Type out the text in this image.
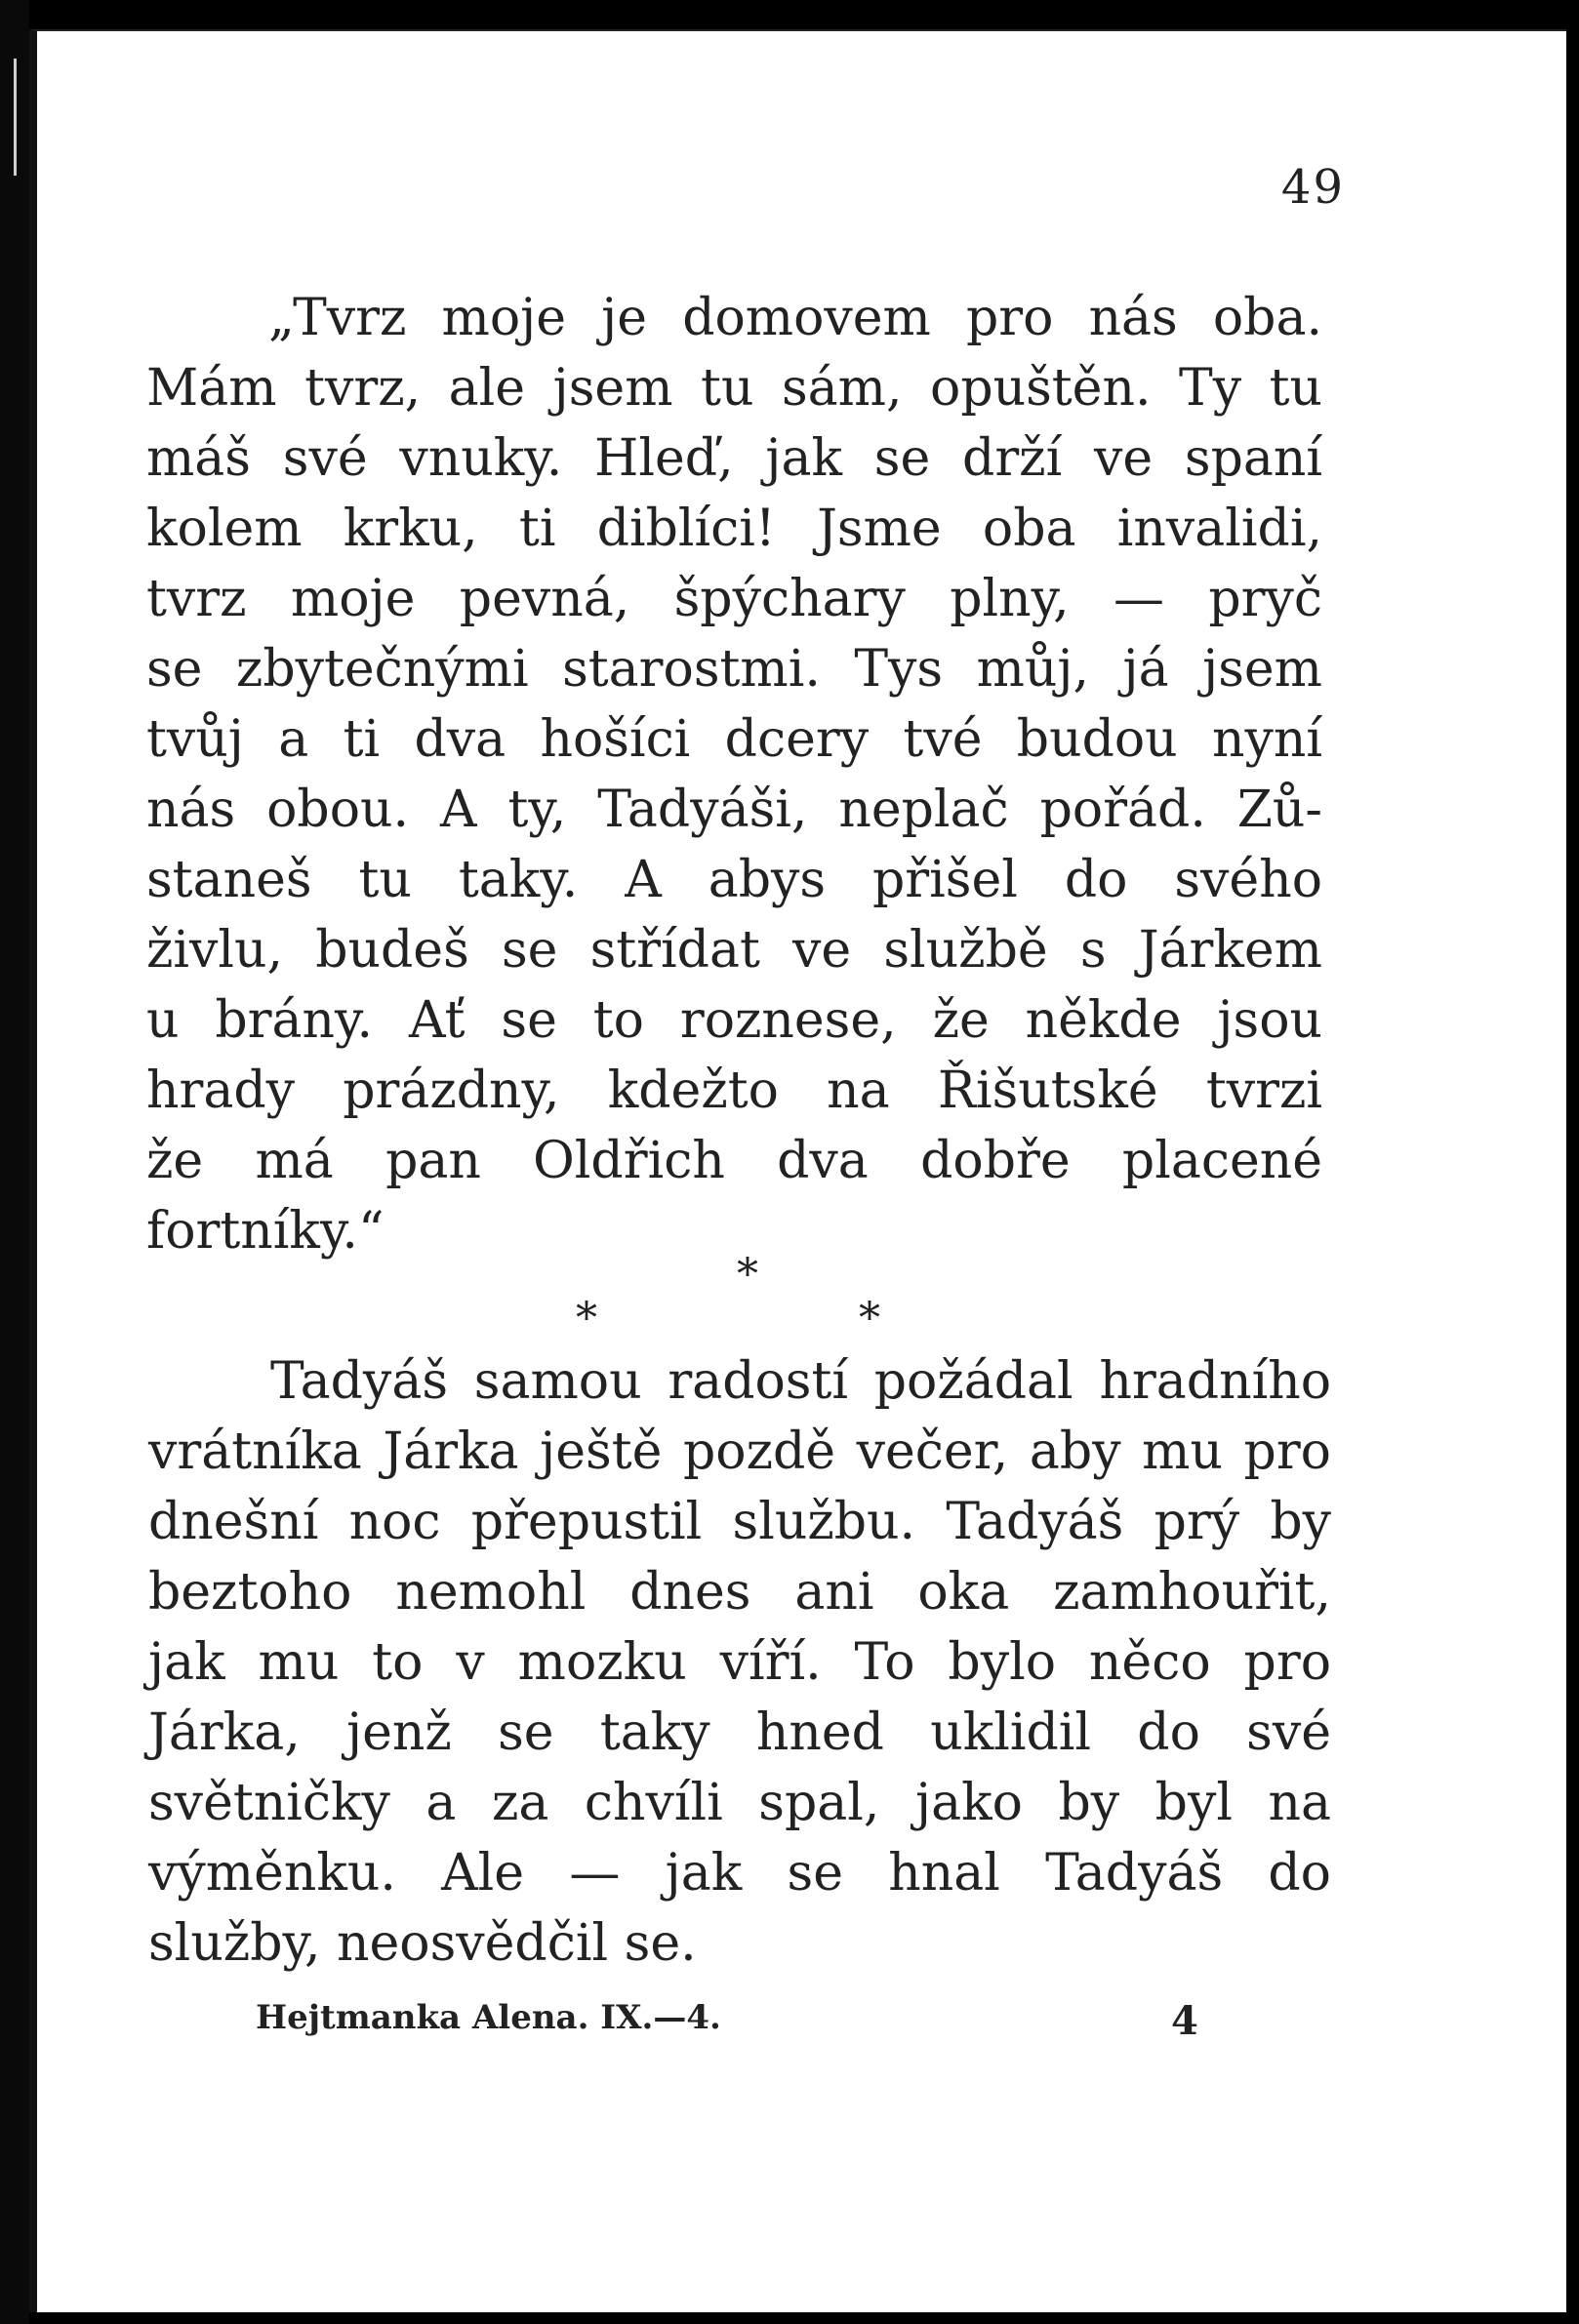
49
„Tvrz moje je domovem pro nás oba.
Mám tvrz, ale jsem tu sám, opuštěn. Ty tu
máš své vnuky. Hleď, jak se drží ve spaní
kolem krku, ti diblíci! Jsme oba invalidi,
tvrz moje pevná, špýchary plny, — pryč
se zbytečnými starostmi. Tys můj, já jsem
tvůj a ti dva hošíci dcery tvé budou nyní
nás obou. A ty, Tadyáši, neplač pořád. Zů-
staneš tu taky. A abys přišel do svého
živlu, budeš se střídat ve službě s Járkem
u brány. Ať se to roznese, že někde jsou
hrady prázdny, kdežto na Řišutské tvrzi
že má pan Oldřich dva dobře placené
fortníky.“
*
*
*
Tadyáš samou radostí požádal hradního
vrátníka Járka ještě pozdě večer, aby mu pro
dnešní noc přepustil službu. Tadyáš prý by
beztoho nemohl dnes ani oka zamhouřit,
jak mu to v mozku víří. To bylo něco pro
Járka, jenž se taky hned uklidil do své
světničky a za chvíli spal, jako by byl na
výměnku. Ale — jak se hnal Tadyáš do
služby, neosvědčil se.
Hejtmanka Alena. IX.—4.	4
